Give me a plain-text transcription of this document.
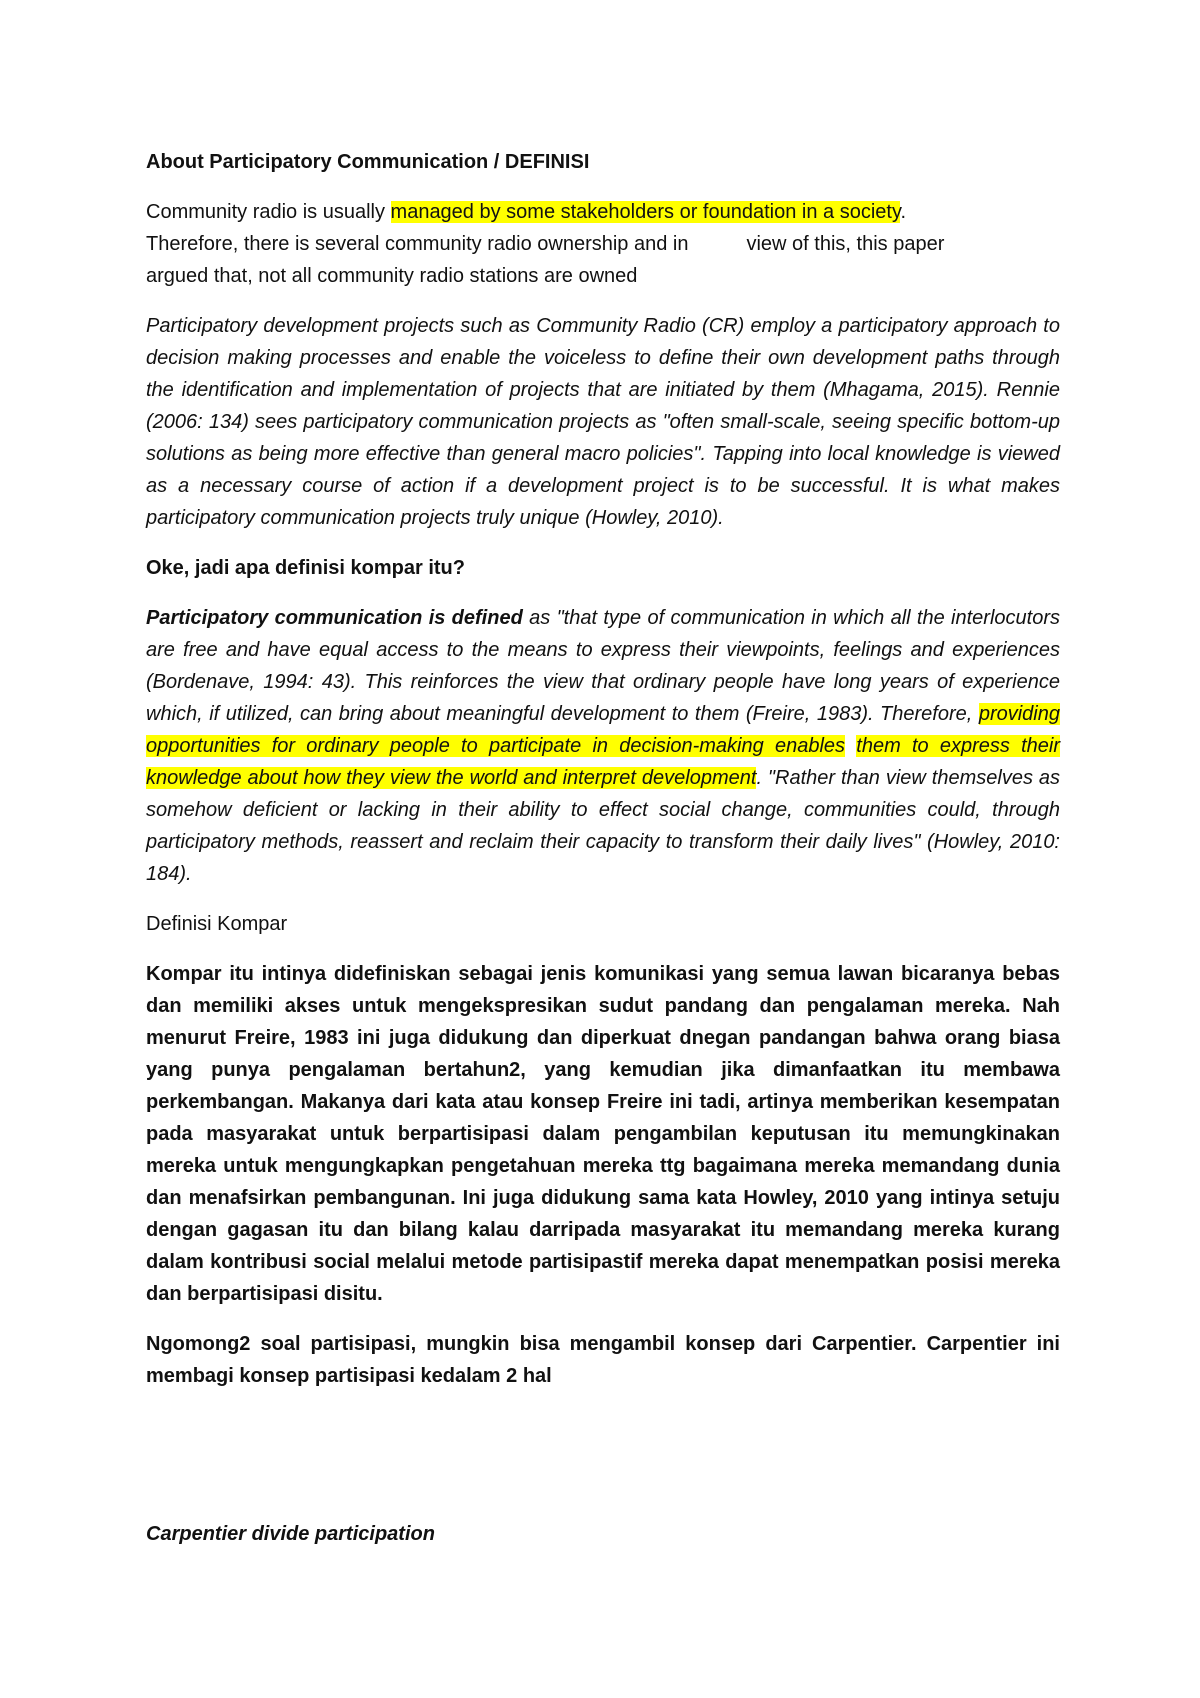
About Participatory Communication / DEFINISI

Community radio is usually managed by some stakeholders or foundation in a society.
Therefore, there is several community radio ownership and in	view of this, this paper
argued that, not all community radio stations are owned

Participatory development projects such as Community Radio (CR) employ a participatory approach to decision making processes and enable the voiceless to define their own development paths through the identification and implementation of projects that are initiated by them (Mhagama, 2015). Rennie (2006: 134) sees participatory communication projects as "often small-scale, seeing specific bottom-up solutions as being more effective than general macro policies". Tapping into local knowledge is viewed as a necessary course of action if a development project is to be successful. It is what makes participatory communication projects truly unique (Howley, 2010).

Oke, jadi apa definisi kompar itu?

Participatory communication is defined as "that type of communication in which all the interlocutors are free and have equal access to the means to express their viewpoints, feelings and experiences (Bordenave, 1994: 43). This reinforces the view that ordinary people have long years of experience which, if utilized, can bring about meaningful development to them (Freire, 1983). Therefore, providing opportunities for ordinary people to participate in decision-making enables them to express their knowledge about how they view the world and interpret development. "Rather than view themselves as somehow deficient or lacking in their ability to effect social change, communities could, through participatory methods, reassert and reclaim their capacity to transform their daily lives" (Howley, 2010: 184).

Definisi Kompar

Kompar itu intinya didefiniskan sebagai jenis komunikasi yang semua lawan bicaranya bebas dan memiliki akses untuk mengekspresikan sudut pandang dan pengalaman mereka. Nah menurut Freire, 1983 ini juga didukung dan diperkuat dnegan pandangan bahwa orang biasa yang punya pengalaman bertahun2, yang kemudian jika dimanfaatkan itu membawa perkembangan. Makanya dari kata atau konsep Freire ini tadi, artinya memberikan kesempatan pada masyarakat untuk berpartisipasi dalam pengambilan keputusan itu memungkinakan mereka untuk mengungkapkan pengetahuan mereka ttg bagaimana mereka memandang dunia dan menafsirkan pembangunan. Ini juga didukung sama kata Howley, 2010 yang intinya setuju dengan gagasan itu dan bilang kalau darripada masyarakat itu memandang mereka kurang dalam kontribusi social melalui metode partisipastif mereka dapat menempatkan posisi mereka dan berpartisipasi disitu.

Ngomong2 soal partisipasi, mungkin bisa mengambil konsep dari Carpentier. Carpentier ini membagi konsep partisipasi kedalam 2 hal

Carpentier divide participation
